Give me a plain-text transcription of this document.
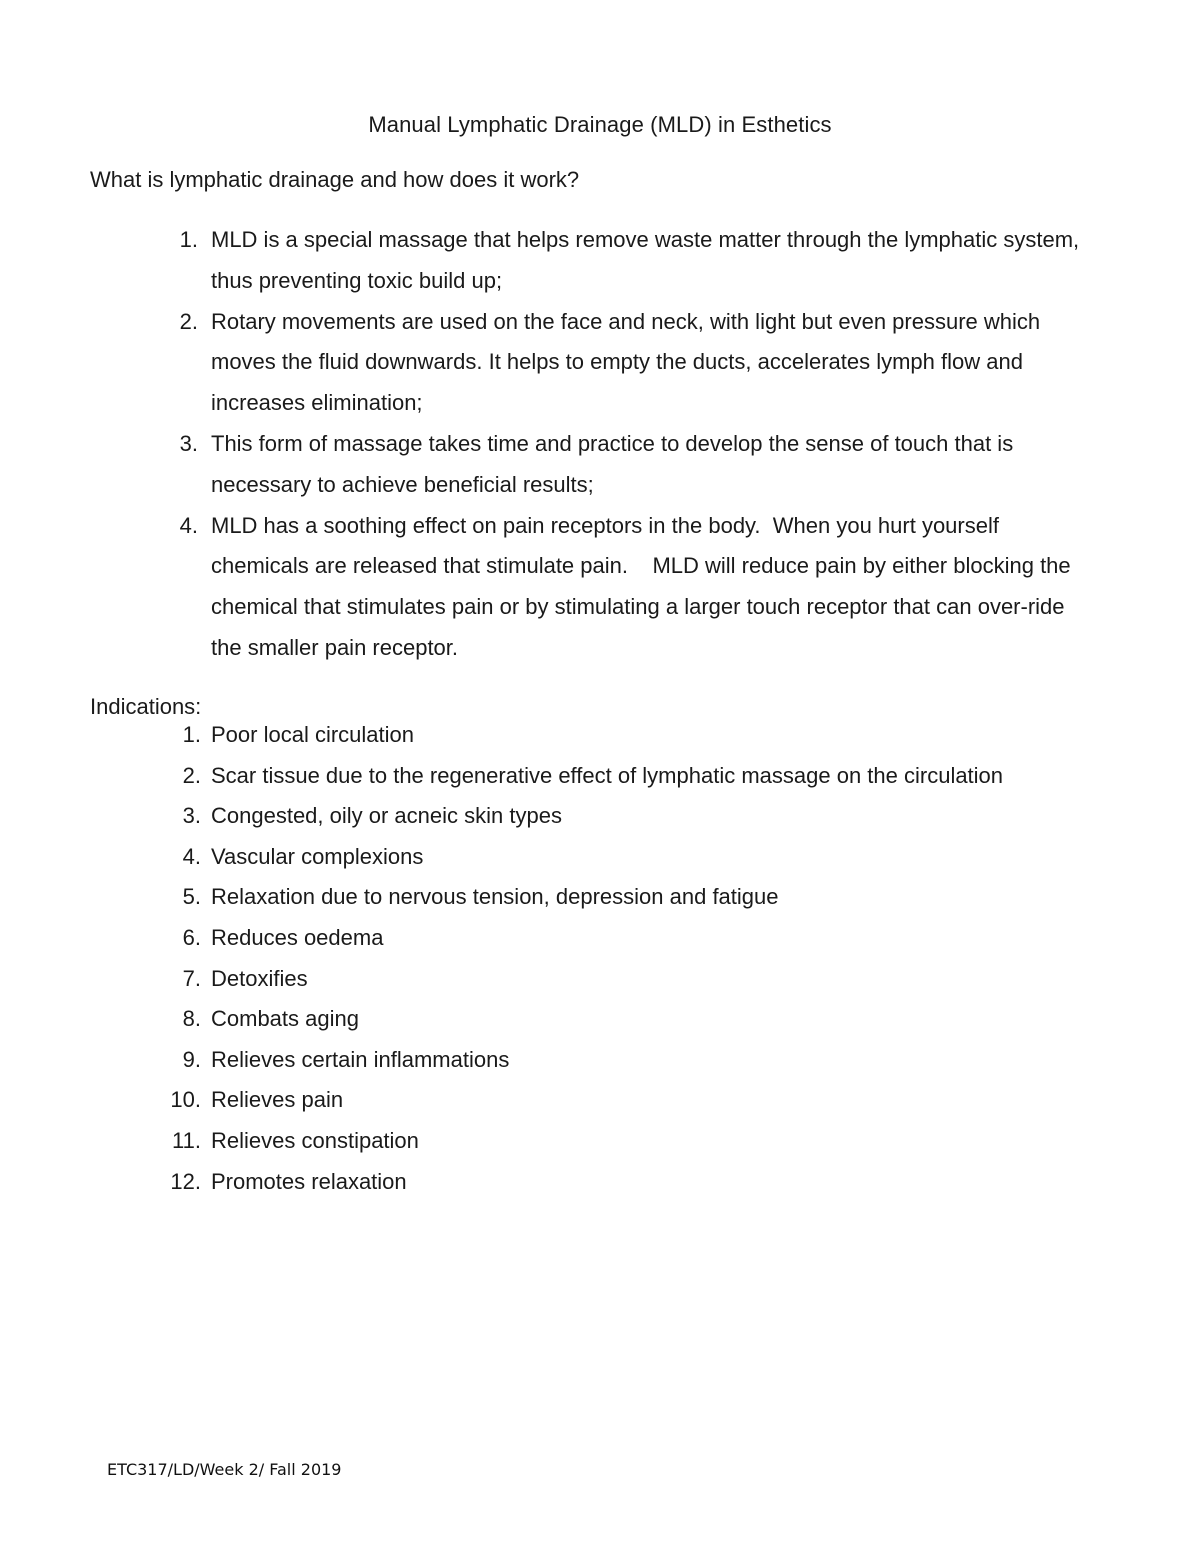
Manual Lymphatic Drainage (MLD) in Esthetics
What is lymphatic drainage and how does it work?
1. MLD is a special massage that helps remove waste matter through the lymphatic system, thus preventing toxic build up;
2. Rotary movements are used on the face and neck, with light but even pressure which moves the fluid downwards. It helps to empty the ducts, accelerates lymph flow and increases elimination;
3. This form of massage takes time and practice to develop the sense of touch that is necessary to achieve beneficial results;
4. MLD has a soothing effect on pain receptors in the body.  When you hurt yourself chemicals are released that stimulate pain.    MLD will reduce pain by either blocking the chemical that stimulates pain or by stimulating a larger touch receptor that can over-ride the smaller pain receptor.
Indications:
1. Poor local circulation
2. Scar tissue due to the regenerative effect of lymphatic massage on the circulation
3. Congested, oily or acneic skin types
4. Vascular complexions
5. Relaxation due to nervous tension, depression and fatigue
6. Reduces oedema
7. Detoxifies
8. Combats aging
9. Relieves certain inflammations
10. Relieves pain
11. Relieves constipation
12. Promotes relaxation
ETC317/LD/Week 2/ Fall 2019
